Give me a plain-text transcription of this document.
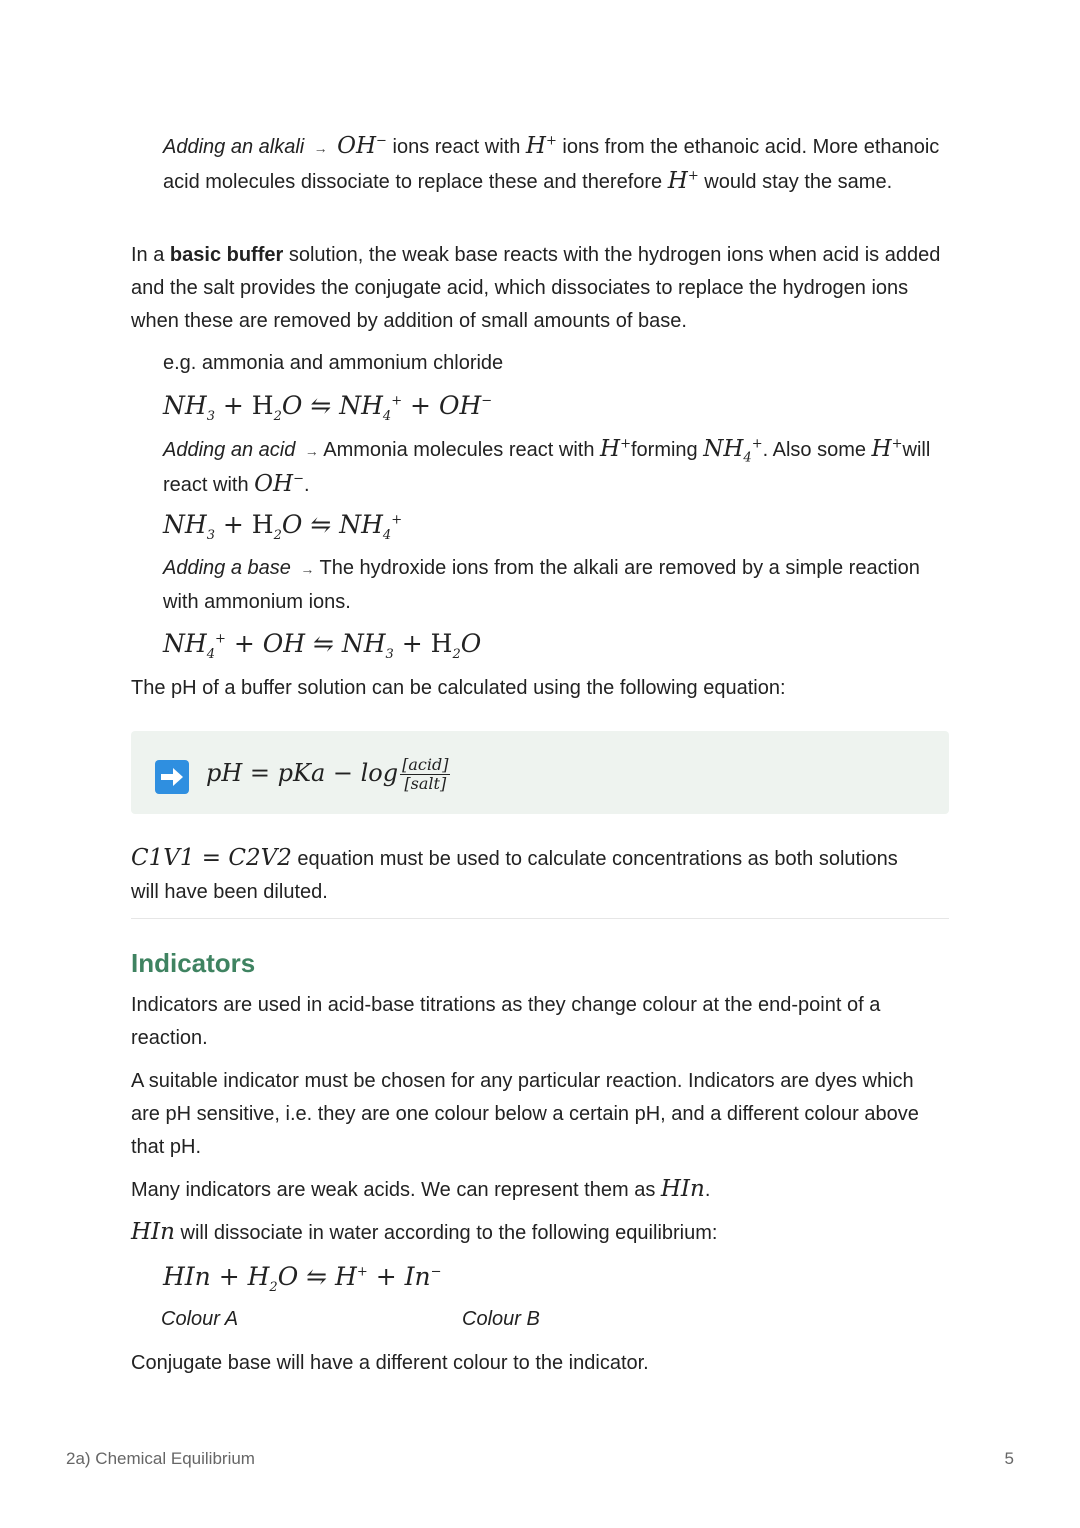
Adding an alkali  →  OH− ions react with H+ ions from the ethanoic acid. More ethanoic acid molecules dissociate to replace these and therefore H+ would stay the same.

In a basic buffer solution, the weak base reacts with the hydrogen ions when acid is added and the salt provides the conjugate acid, which dissociates to replace the hydrogen ions when these are removed by addition of small amounts of base.

e.g. ammonia and ammonium chloride

$NH_3 + H_2O$ ⇋ $NH_4^+ + OH^-$

Adding an acid  → Ammonia molecules react with H+forming $NH_4^+$. Also some H+will react with OH−.

$NH_3 + H_2O$ ⇋ $NH_4^+$

Adding a base  → The hydroxide ions from the alkali are removed by a simple reaction with ammonium ions.

$NH_4^+$ + OH ⇋ $NH_3 + H_2O$

The pH of a buffer solution can be calculated using the following equation:

pH = pKa − $\log \frac{\text{[acid]}}{\text{[salt]}}$

C1V1 = C2V2 equation must be used to calculate concentrations as both solutions will have been diluted.

Indicators

Indicators are used in acid-base titrations as they change colour at the end-point of a reaction.

A suitable indicator must be chosen for any particular reaction. Indicators are dyes which are pH sensitive, i.e. they are one colour below a certain pH, and a different colour above that pH.

Many indicators are weak acids. We can represent them as HIn.

HIn will dissociate in water according to the following equilibrium:

HIn + $H_2O$ ⇋ H+ + In−

Colour A	Colour B

Conjugate base will have a different colour to the indicator.

2a) Chemical Equilibrium	5
